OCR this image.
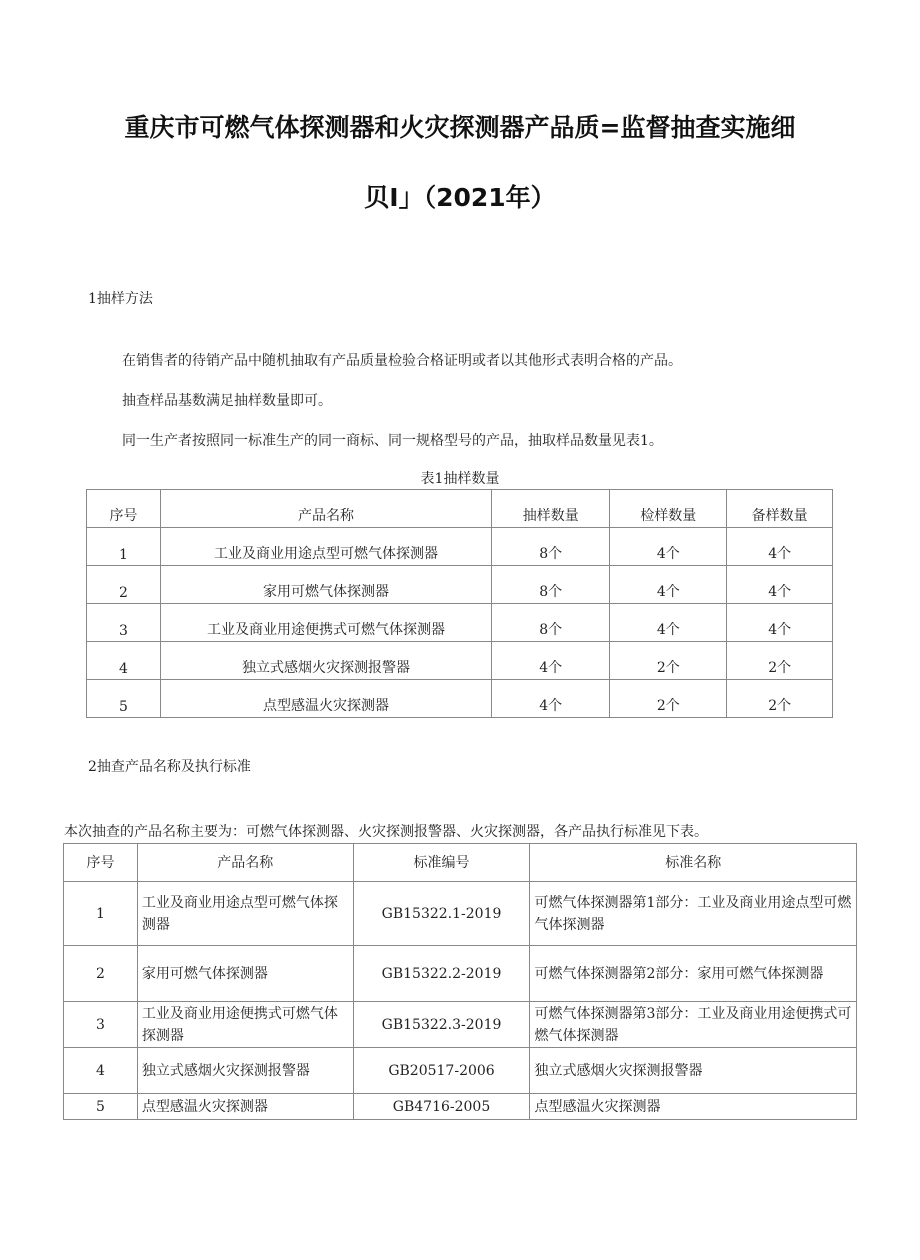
重庆市可燃气体探测器和火灾探测器产品质=监督抽查实施细
贝I」（2021年）
1抽样方法
在销售者的待销产品中随机抽取有产品质量检验合格证明或者以其他形式表明合格的产品。
抽查样品基数满足抽样数量即可。
同一生产者按照同一标准生产的同一商标、同一规格型号的产品，抽取样品数量见表1。
表1抽样数量
序号	产品名称	抽样数量	检样数量	备样数量
1	工业及商业用途点型可燃气体探测器	8个	4个	4个
2	家用可燃气体探测器	8个	4个	4个
3	工业及商业用途便携式可燃气体探测器	8个	4个	4个
4	独立式感烟火灾探测报警器	4个	2个	2个
5	点型感温火灾探测器	4个	2个	2个
2抽查产品名称及执行标准
本次抽查的产品名称主要为：可燃气体探测器、火灾探测报警器、火灾探测器，各产品执行标准见下表。
序号	产品名称	标准编号	标准名称
1	工业及商业用途点型可燃气体探测器	GB15322.1-2019	可燃气体探测器第1部分：工业及商业用途点型可燃气体探测器
2	家用可燃气体探测器	GB15322.2-2019	可燃气体探测器第2部分：家用可燃气体探测器
3	工业及商业用途便携式可燃气体探测器	GB15322.3-2019	可燃气体探测器第3部分：工业及商业用途便携式可燃气体探测器
4	独立式感烟火灾探测报警器	GB20517-2006	独立式感烟火灾探测报警器
5	点型感温火灾探测器	GB4716-2005	点型感温火灾探测器
